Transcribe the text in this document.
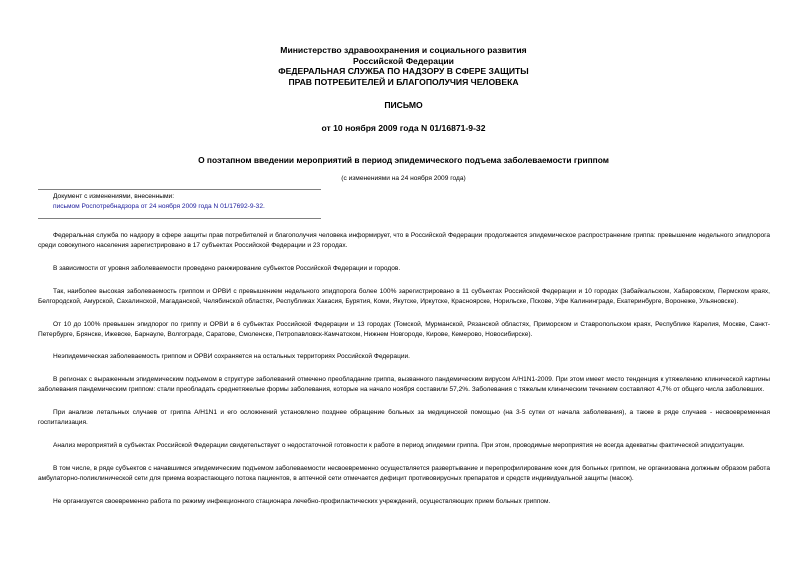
Министерство здравоохранения и социального развития
Российской Федерации
ФЕДЕРАЛЬНАЯ СЛУЖБА ПО НАДЗОРУ В СФЕРЕ ЗАЩИТЫ
ПРАВ ПОТРЕБИТЕЛЕЙ И БЛАГОПОЛУЧИЯ ЧЕЛОВЕКА
ПИСЬМО
от 10 ноября 2009 года N 01/16871-9-32
О поэтапном введении мероприятий в период эпидемического подъема заболеваемости гриппом
(с изменениями на 24 ноября 2009 года)
Документ с изменениями, внесенными:
письмом Роспотребнадзора от 24 ноября 2009 года N 01/17692-9-32.

Федеральная служба по надзору в сфере защиты прав потребителей и благополучия человека информирует, что в Российской Федерации продолжается эпидемическое распространение гриппа: превышение недельного эпидпорога среди совокупного населения зарегистрировано в 17 субъектах Российской Федерации и 23 городах.

В зависимости от уровня заболеваемости проведено ранжирование субъектов Российской Федерации и городов.

Так, наиболее высокая заболеваемость гриппом и ОРВИ с превышением недельного эпидпорога более 100% зарегистрировано в 11 субъектах Российской Федерации и 10 городах (Забайкальском, Хабаровском, Пермском краях, Белгородской, Амурской, Сахалинской, Магаданской, Челябинской областях, Республиках Хакасия, Бурятия, Коми, Якутске, Иркутске, Красноярске, Норильске, Пскове, Уфе Калининграде, Екатеринбурге, Воронеже, Ульяновске).

От 10 до 100% превышен эпидпорог по гриппу и ОРВИ в 6 субъектах Российской Федерации и 13 городах (Томской, Мурманской, Рязанской областях, Приморском и Ставропольском краях, Республике Карелия, Москве, Санкт-Петербурге, Брянске, Ижевске, Барнауле, Волгограде, Саратове, Смоленске, Петропавловск-Камчатском, Нижнем Новгороде, Кирове, Кемерово, Новосибирске).

Неэпидемическая заболеваемость гриппом и ОРВИ сохраняется на остальных территориях Российской Федерации.

В регионах с выраженным эпидемическим подъемом в структуре заболеваний отмечено преобладание гриппа, вызванного пандемическим вирусом A/H1N1-2009. При этом имеет место тенденция к утяжелению клинической картины заболевания пандемическим гриппом: стали преобладать среднетяжелые формы заболевания, которые на начало ноября составили 57,2%. Заболевания с тяжелым клиническим течением составляют 4,7% от общего числа заболевших.

При анализе летальных случаев от гриппа A/H1N1 и его осложнений установлено позднее обращение больных за медицинской помощью (на 3-5 сутки от начала заболевания), а также в ряде случаев - несвоевременная госпитализация.

Анализ мероприятий в субъектах Российской Федерации свидетельствует о недостаточной готовности к работе в период эпидемии гриппа. При этом, проводимые мероприятия не всегда адекватны фактической эпидситуации.

В том числе, в ряде субъектов с начавшимся эпидемическим подъемом заболеваемости несвоевременно осуществляется развертывание и перепрофилирование коек для больных гриппом, не организована должным образом работа амбулаторно-поликлинической сети для приема возрастающего потока пациентов, в аптечной сети отмечается дефицит противовирусных препаратов и средств индивидуальной защиты (масок).

Не организуется своевременно работа по режиму инфекционного стационара лечебно-профилактических учреждений, осуществляющих прием больных гриппом.
